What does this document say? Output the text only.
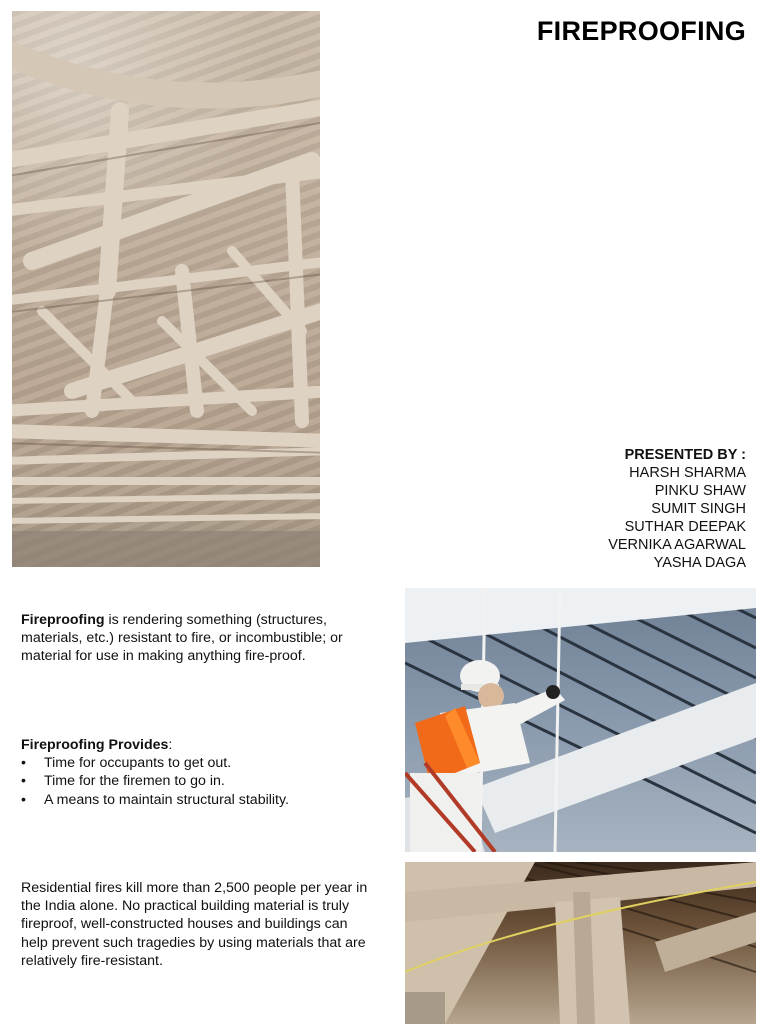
FIREPROOFING
PRESENTED BY :
HARSH SHARMA
PINKU SHAW
SUMIT SINGH
SUTHAR DEEPAK
VERNIKA AGARWAL
YASHA DAGA
Fireproofing is rendering something (structures, materials, etc.) resistant to fire, or incombustible; or material for use in making anything fire-proof.
Fireproofing Provides:
• Time for occupants to get out.
• Time for the firemen to go in.
• A means to maintain structural stability.
Residential fires kill more than 2,500 people per year in the India alone. No practical building material is truly fireproof, well-constructed houses and buildings can help prevent such tragedies by using materials that are relatively fire-resistant.
